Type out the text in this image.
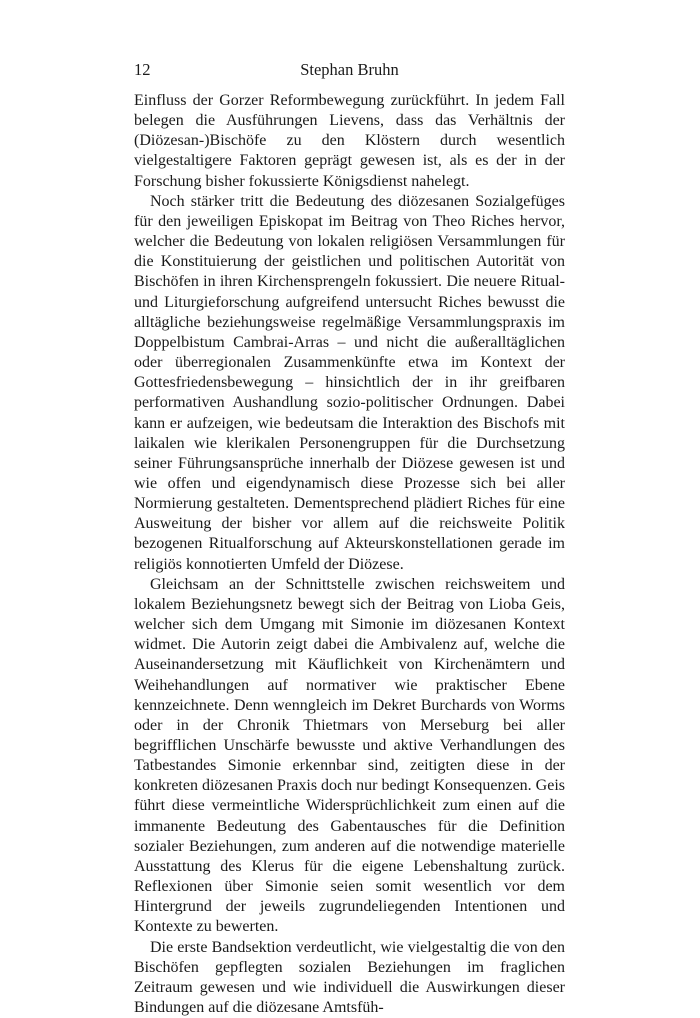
12	Stephan Bruhn

Einfluss der Gorzer Reformbewegung zurückführt. In jedem Fall belegen die Ausführungen Lievens, dass das Verhältnis der (Diözesan-)Bischöfe zu den Klöstern durch wesentlich vielgestaltigere Faktoren geprägt gewesen ist, als es der in der Forschung bisher fokussierte Königsdienst nahelegt.

Noch stärker tritt die Bedeutung des diözesanen Sozialgefüges für den jeweiligen Episkopat im Beitrag von Theo Riches hervor, welcher die Bedeutung von lokalen religiösen Versammlungen für die Konstituierung der geistlichen und politischen Autorität von Bischöfen in ihren Kirchensprengeln fokussiert. Die neuere Ritual- und Liturgieforschung aufgreifend untersucht Riches bewusst die alltägliche beziehungsweise regelmäßige Versammlungspraxis im Doppelbistum Cambrai-Arras – und nicht die außeralltäglichen oder überregionalen Zusammenkünfte etwa im Kontext der Gottesfriedensbewegung – hinsichtlich der in ihr greifbaren performativen Aushandlung sozio-politischer Ordnungen. Dabei kann er aufzeigen, wie bedeutsam die Interaktion des Bischofs mit laikalen wie klerikalen Personengruppen für die Durchsetzung seiner Führungsansprüche innerhalb der Diözese gewesen ist und wie offen und eigendynamisch diese Prozesse sich bei aller Normierung gestalteten. Dementsprechend plädiert Riches für eine Ausweitung der bisher vor allem auf die reichsweite Politik bezogenen Ritualforschung auf Akteurskonstellationen gerade im religiös konnotierten Umfeld der Diözese.

Gleichsam an der Schnittstelle zwischen reichsweitem und lokalem Beziehungsnetz bewegt sich der Beitrag von Lioba Geis, welcher sich dem Umgang mit Simonie im diözesanen Kontext widmet. Die Autorin zeigt dabei die Ambivalenz auf, welche die Auseinandersetzung mit Käuflichkeit von Kirchenämtern und Weihehandlungen auf normativer wie praktischer Ebene kennzeichnete. Denn wenngleich im Dekret Burchards von Worms oder in der Chronik Thietmars von Merseburg bei aller begrifflichen Unschärfe bewusste und aktive Verhandlungen des Tatbestandes Simonie erkennbar sind, zeitigten diese in der konkreten diözesanen Praxis doch nur bedingt Konsequenzen. Geis führt diese vermeintliche Widersprüchlichkeit zum einen auf die immanente Bedeutung des Gabentausches für die Definition sozialer Beziehungen, zum anderen auf die notwendige materielle Ausstattung des Klerus für die eigene Lebenshaltung zurück. Reflexionen über Simonie seien somit wesentlich vor dem Hintergrund der jeweils zugrundeliegenden Intentionen und Kontexte zu bewerten.

Die erste Bandsektion verdeutlicht, wie vielgestaltig die von den Bischöfen gepflegten sozialen Beziehungen im fraglichen Zeitraum gewesen und wie individuell die Auswirkungen dieser Bindungen auf die diözesane Amtsfüh-
